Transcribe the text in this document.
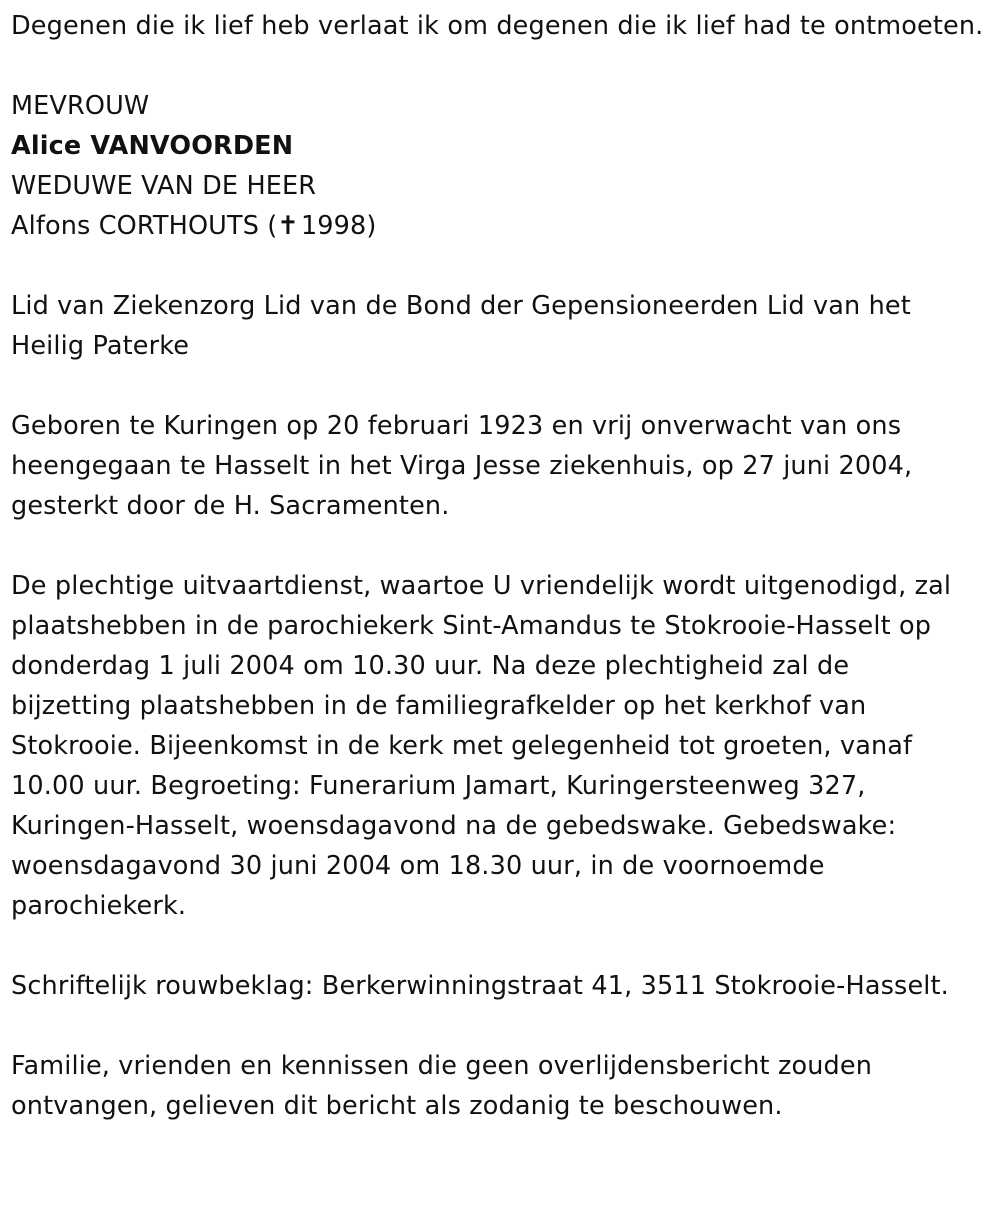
Degenen die ik lief heb verlaat ik om degenen die ik lief had te ontmoeten.

MEVROUW
Alice VANVOORDEN
WEDUWE VAN DE HEER
Alfons CORTHOUTS (✝1998)

Lid van Ziekenzorg Lid van de Bond der Gepensioneerden Lid van het Heilig Paterke

Geboren te Kuringen op 20 februari 1923 en vrij onverwacht van ons heengegaan te Hasselt in het Virga Jesse ziekenhuis, op 27 juni 2004, gesterkt door de H. Sacramenten.

De plechtige uitvaartdienst, waartoe U vriendelijk wordt uitgenodigd, zal
plaatshebben in de parochiekerk Sint-Amandus te Stokrooie-Hasselt op
donderdag 1 juli 2004 om 10.30 uur. Na deze plechtigheid zal de
bijzetting plaatshebben in de familiegrafkelder op het kerkhof van
Stokrooie. Bijeenkomst in de kerk met gelegenheid tot groeten, vanaf
10.00 uur. Begroeting: Funerarium Jamart, Kuringersteenweg 327,
Kuringen-Hasselt, woensdagavond na de gebedswake. Gebedswake:
woensdagavond 30 juni 2004 om 18.30 uur, in de voornoemde
parochiekerk.

Schriftelijk rouwbeklag: Berkerwinningstraat 41, 3511 Stokrooie-Hasselt.

Familie, vrienden en kennissen die geen overlijdensbericht zouden
ontvangen, gelieven dit bericht als zodanig te beschouwen.
